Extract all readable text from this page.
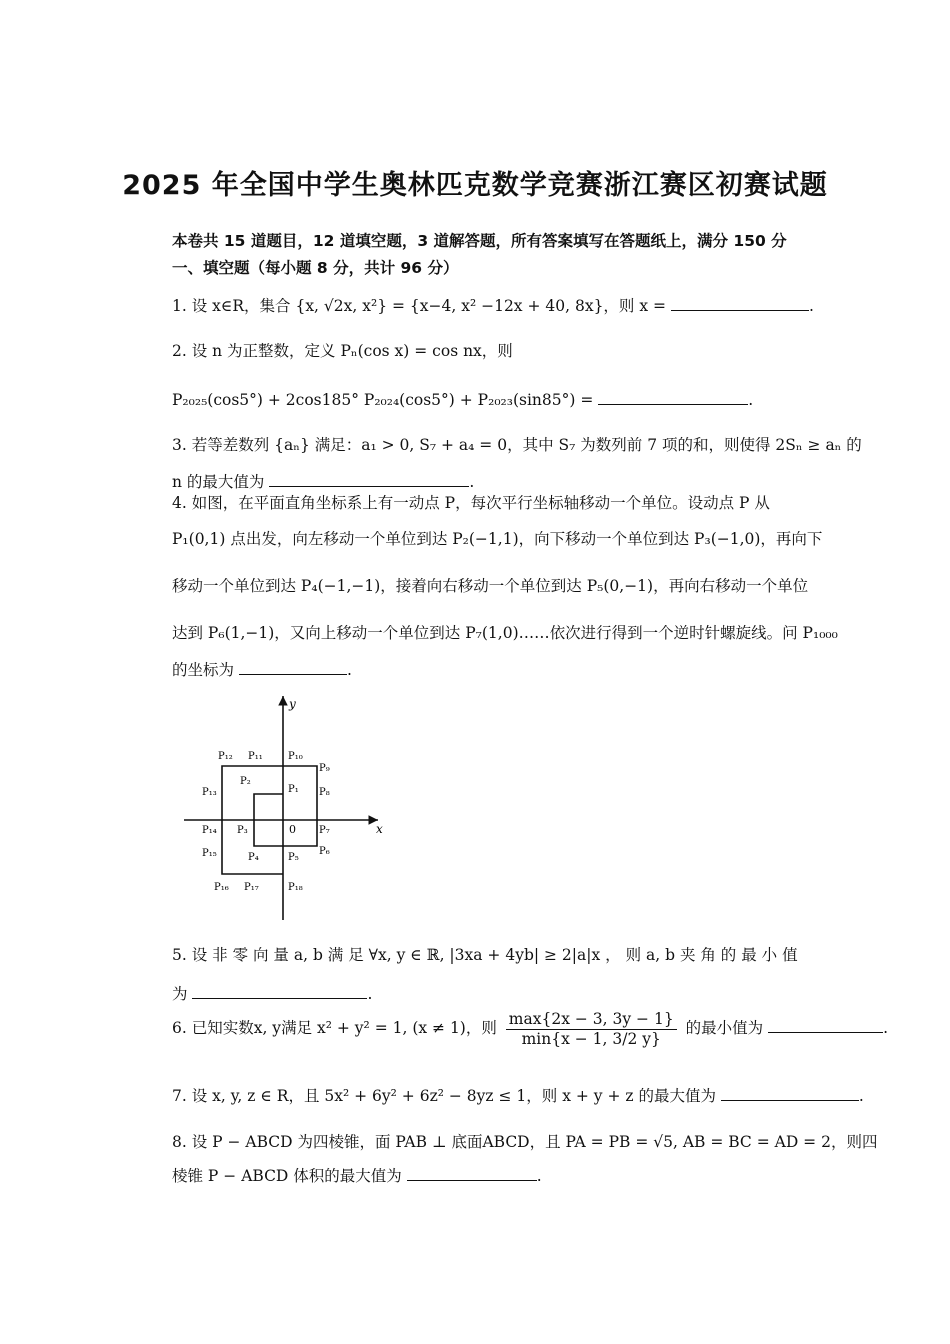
2025 年全国中学生奥林匹克数学竞赛浙江赛区初赛试题
本卷共 15 道题目，12 道填空题，3 道解答题，所有答案填写在答题纸上，满分 150 分
一、填空题（每小题 8 分，共计 96 分）
1. 设 x∈R，集合 {x, √2x, x²} = {x−4, x² −12x + 40, 8x}，则 x =	.
2. 设 n 为正整数，定义 Pₙ(cos x) = cos nx，则
P₂₀₂₅(cos5°) + 2cos185° P₂₀₂₄(cos5°) + P₂₀₂₃(sin85°) =	.
3. 若等差数列 {aₙ} 满足：a₁ > 0, S₇ + a₄ = 0，其中 S₇ 为数列前 7 项的和，则使得 2Sₙ ≥ aₙ 的
n 的最大值为	.
4. 如图，在平面直角坐标系上有一动点 P，每次平行坐标轴移动一个单位。设动点 P 从
P₁(0,1) 点出发，向左移动一个单位到达 P₂(−1,1)，向下移动一个单位到达 P₃(−1,0)，再向下
移动一个单位到达 P₄(−1,−1)，接着向右移动一个单位到达 P₅(0,−1)，再向右移动一个单位
达到 P₆(1,−1)，又向上移动一个单位到达 P₇(1,0)……依次进行得到一个逆时针螺旋线。问 P₁₀₀₀
的坐标为	.
y
x
0
P₁
P₂
P₃
P₄	P₅
P₆
P₇
P₈
P₉
P₁₀
P₁₁
P₁₂
P₁₃
P₁₄
P₁₅
P₁₆ P₁₇	P₁₈
5. 设 非 零 向 量 a, b 满 足 ∀x, y ∈ ℝ, |3xa + 4yb| ≥ 2|a|x ， 则 a, b 夹 角 的 最 小 值
为	.
6. 已知实数x, y满足 x² + y² = 1, (x ≠ 1)，则 $\frac{\max\{2x - 3, 3y - 1\}}{\min\{x - 1, 3/2 y\}}$ 的最小值为	.
7. 设 x, y, z ∈ R，且 5x² + 6y² + 6z² − 8yz ≤ 1，则 x + y + z 的最大值为	.
8. 设 P − ABCD 为四棱锥，面 PAB ⊥ 底面ABCD，且 PA = PB = √5, AB = BC = AD = 2，则四
棱锥 P − ABCD 体积的最大值为	.
